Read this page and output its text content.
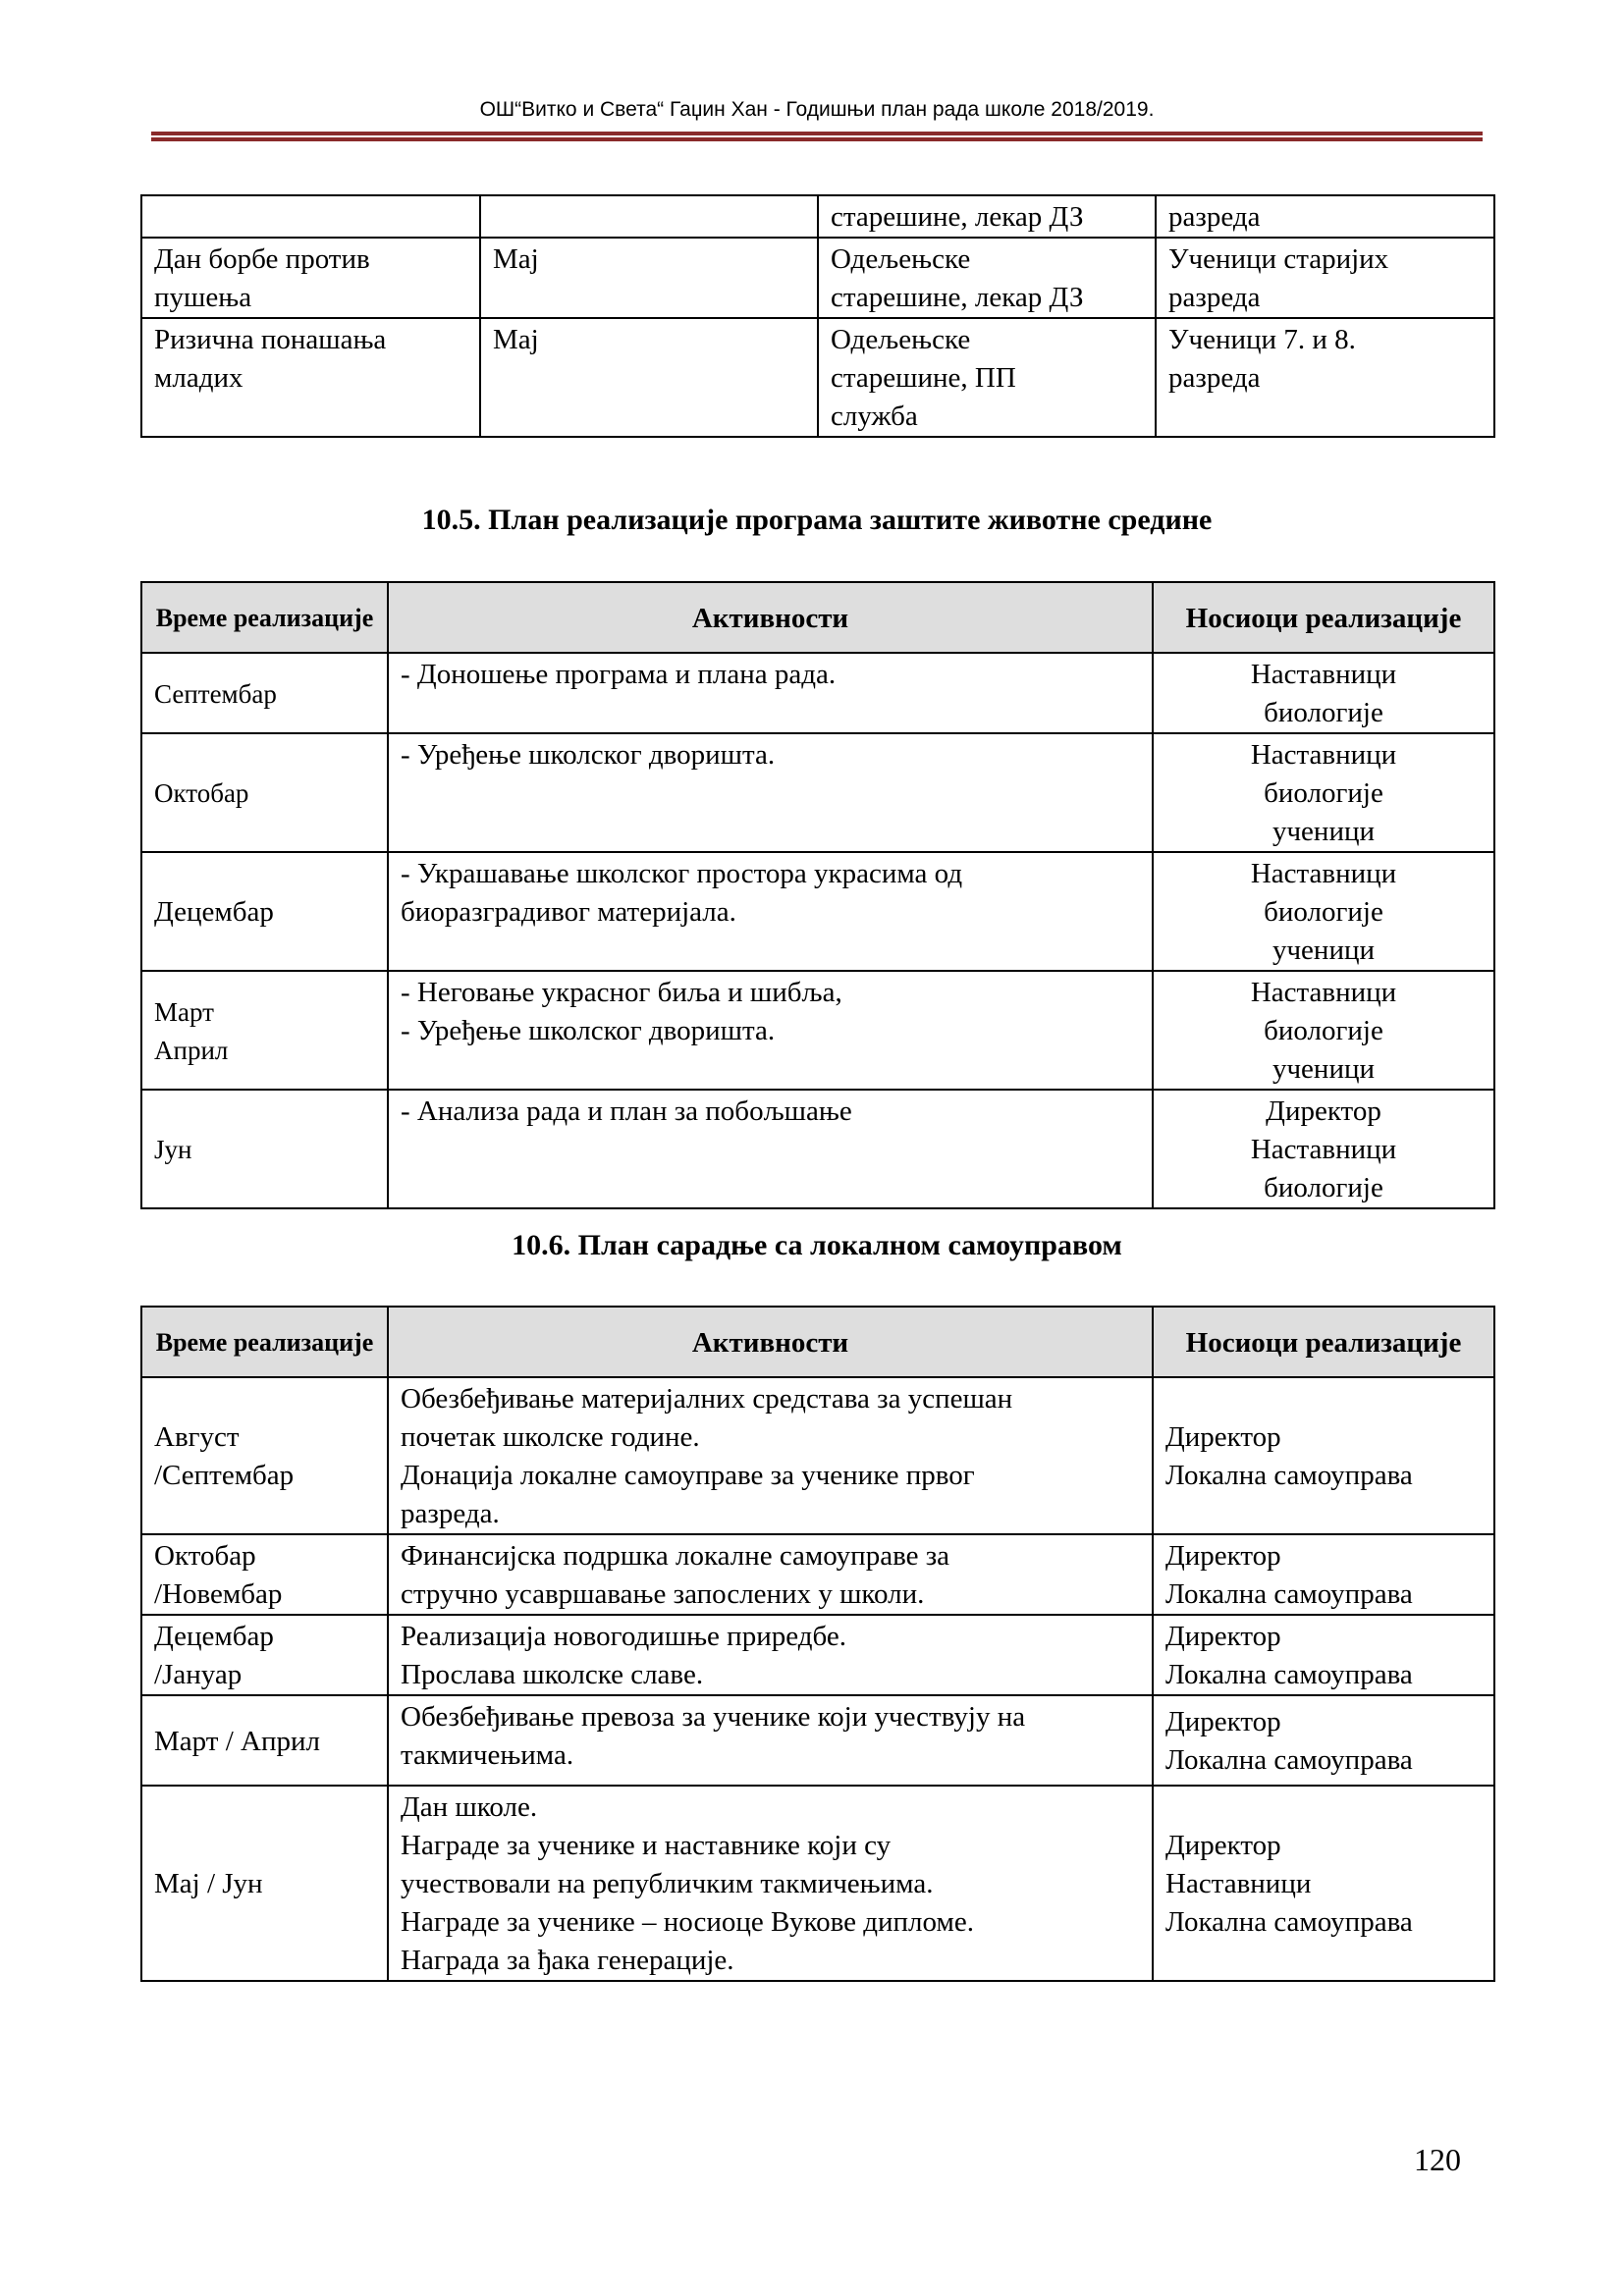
ОШ“Витко и Света“ Гаџин Хан - Годишњи план рада школе 2018/2019.

		старешине, лекар ДЗ	разреда

Дан борбе против
пушења	Мај	Одељењске
старешине, лекар ДЗ	Ученици старијих
разреда

Ризична понашања
младих	Мај	Одељењске
старешине, ПП
служба	Ученици 7. и 8.
разреда
10.5. План реализације програма заштите животне средине
Време реализације	Активности	Носиоци реализације

Септембар	- Доношење програма и плана рада.	Наставници
биологије

Октобар	- Уређење школског дворишта.	Наставници
биологије
ученици

Децембар	- Украшавање школског простора украсима од
биоразградивог материјала.	Наставници
биологије
ученици

Март
Април	- Неговање украсног биља и шибља,
- Уређење школског дворишта.	Наставници
биологије
ученици

Јун	- Анализа рада и план за побољшање	Директор
Наставници
биологије
10.6. План сарадње са локалном самоуправом
Време реализације	Активности	Носиоци реализације

Август
/Септембар	Обезбеђивање материјалних средстава за успешан
почетак школске године.
Донација локалне самоуправе за ученике првог
разреда.	Директор
Локална самоуправа

Октобар
/Новембар	Финансијска подршка локалне самоуправе за
стручно усавршавање запослених у школи.	Директор
Локална самоуправа

Децембар
/Јануар	Реализација новогодишње приредбе.
Прослава школске славе.	Директор
Локална самоуправа

Март / Април	Обезбеђивање превоза за ученике који учествују на
такмичењима.	Директор
Локална самоуправа

Мај / Јун	Дан школе.
Награде за ученике и наставнике који су
учествовали на републичким такмичењима.
Награде за ученике – носиоце Вукове дипломе.
Награда за ђака генерације.	Директор
Наставници
Локална самоуправа
120
